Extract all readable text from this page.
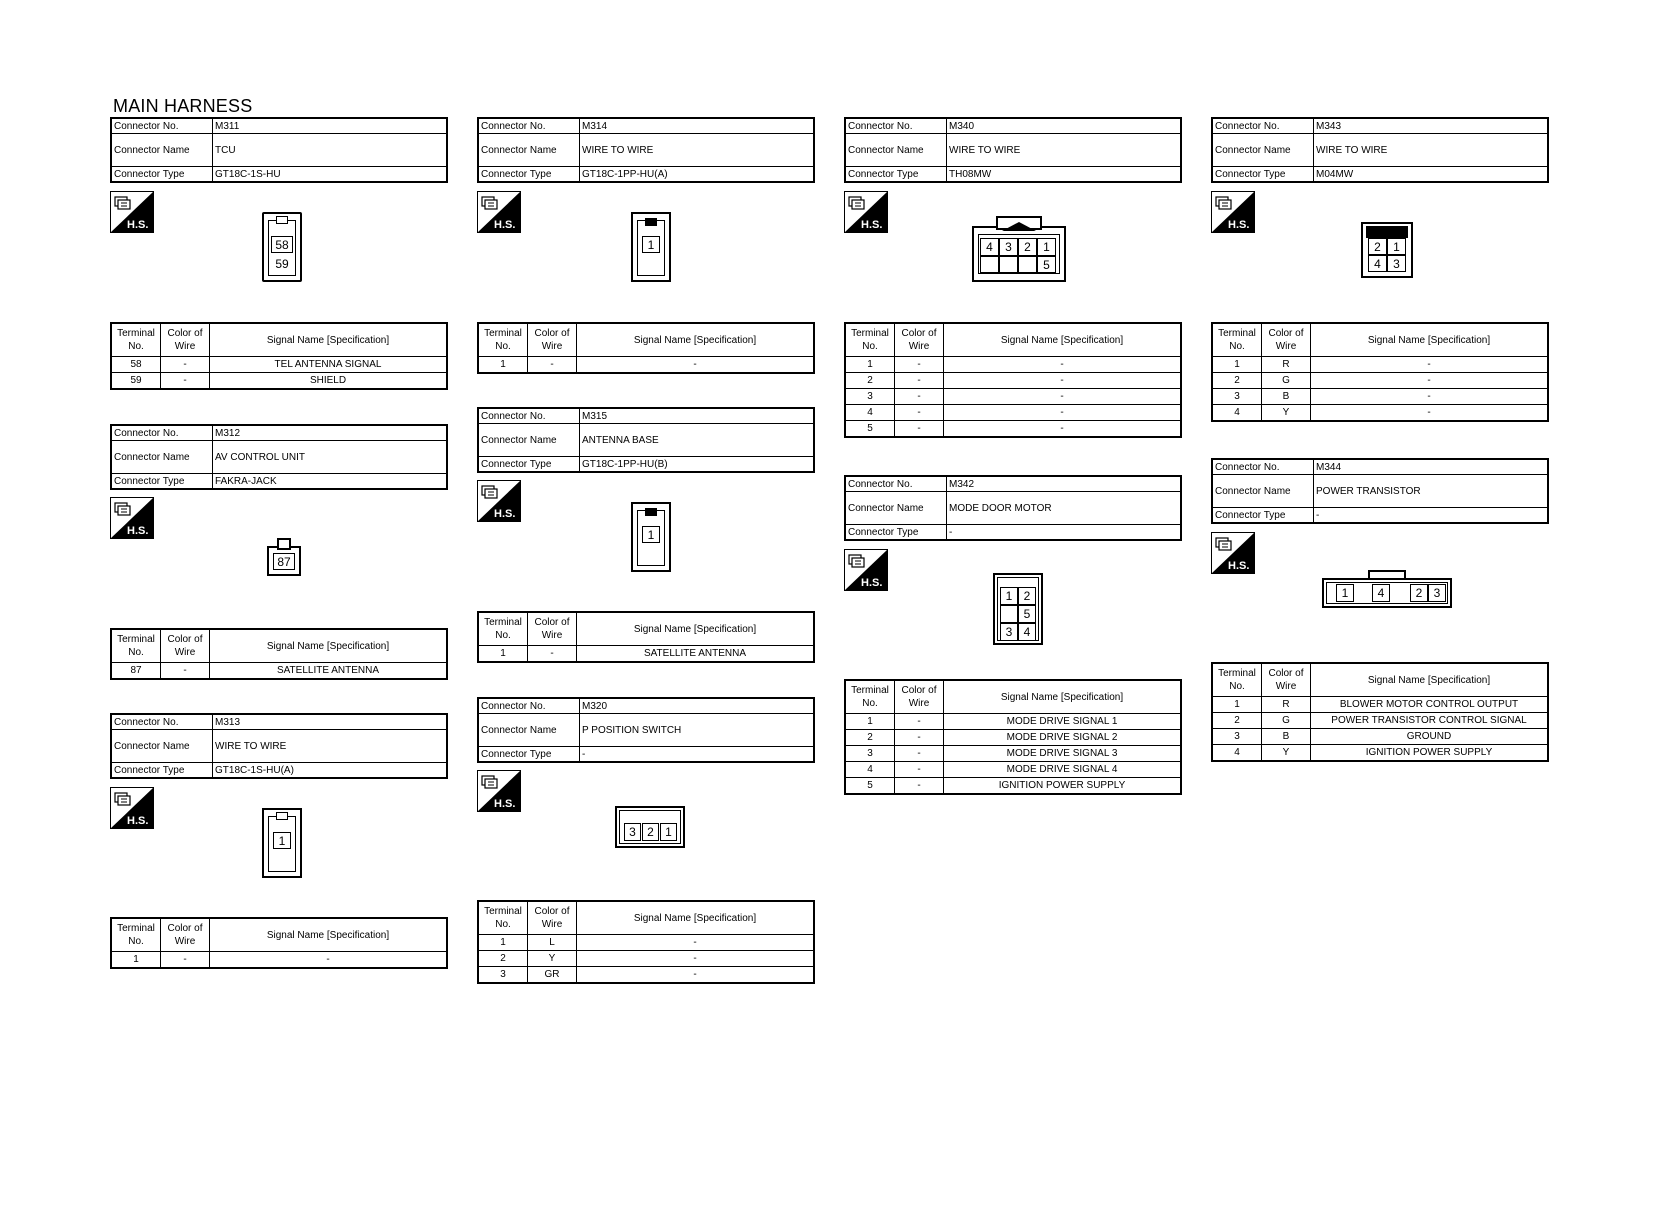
MAIN HARNESS
Connector No.	M311
Connector Name	TCU
Connector Type	GT18C-1S-HU
H.S.
58
59
Terminal No.	Color of Wire	Signal Name [Specification]
58	-	TEL ANTENNA SIGNAL
59	-	SHIELD
Connector No.	M312
Connector Name	AV CONTROL UNIT
Connector Type	FAKRA-JACK
H.S.
87
Terminal No.	Color of Wire	Signal Name [Specification]
87	-	SATELLITE ANTENNA
Connector No.	M313
Connector Name	WIRE TO WIRE
Connector Type	GT18C-1S-HU(A)
H.S.
1
Terminal No.	Color of Wire	Signal Name [Specification]
1	-	-
Connector No.	M314
Connector Name	WIRE TO WIRE
Connector Type	GT18C-1PP-HU(A)
H.S.
1
Terminal No.	Color of Wire	Signal Name [Specification]
1	-	-
Connector No.	M315
Connector Name	ANTENNA BASE
Connector Type	GT18C-1PP-HU(B)
H.S.
1
Terminal No.	Color of Wire	Signal Name [Specification]
1	-	SATELLITE ANTENNA
Connector No.	M320
Connector Name	P POSITION SWITCH
Connector Type	-
H.S.
3 2 1
Terminal No.	Color of Wire	Signal Name [Specification]
1	L	-
2	Y	-
3	GR	-
Connector No.	M340
Connector Name	WIRE TO WIRE
Connector Type	TH08MW
H.S.
4	3	2	1
5
Terminal No.	Color of Wire	Signal Name [Specification]
1	-	-
2	-	-
3	-	-
4	-	-
5	-	-
Connector No.	M342
Connector Name	MODE DOOR MOTOR
Connector Type	-
H.S.
1 2
5
3 4
Terminal No.	Color of Wire	Signal Name [Specification]
1	-	MODE DRIVE SIGNAL 1
2	-	MODE DRIVE SIGNAL 2
3	-	MODE DRIVE SIGNAL 3
4	-	MODE DRIVE SIGNAL 4
5	-	IGNITION POWER SUPPLY
Connector No.	M343
Connector Name	WIRE TO WIRE
Connector Type	M04MW
H.S.
2	1
4	3
Terminal No.	Color of Wire	Signal Name [Specification]
1	R	-
2	G	-
3	B	-
4	Y	-
Connector No.	M344
Connector Name	POWER TRANSISTOR
Connector Type	-
H.S.
1	4	2 3
Terminal No.	Color of Wire	Signal Name [Specification]
1	R	BLOWER MOTOR CONTROL OUTPUT
2	G	POWER TRANSISTOR CONTROL SIGNAL
3	B	GROUND
4	Y	IGNITION POWER SUPPLY
